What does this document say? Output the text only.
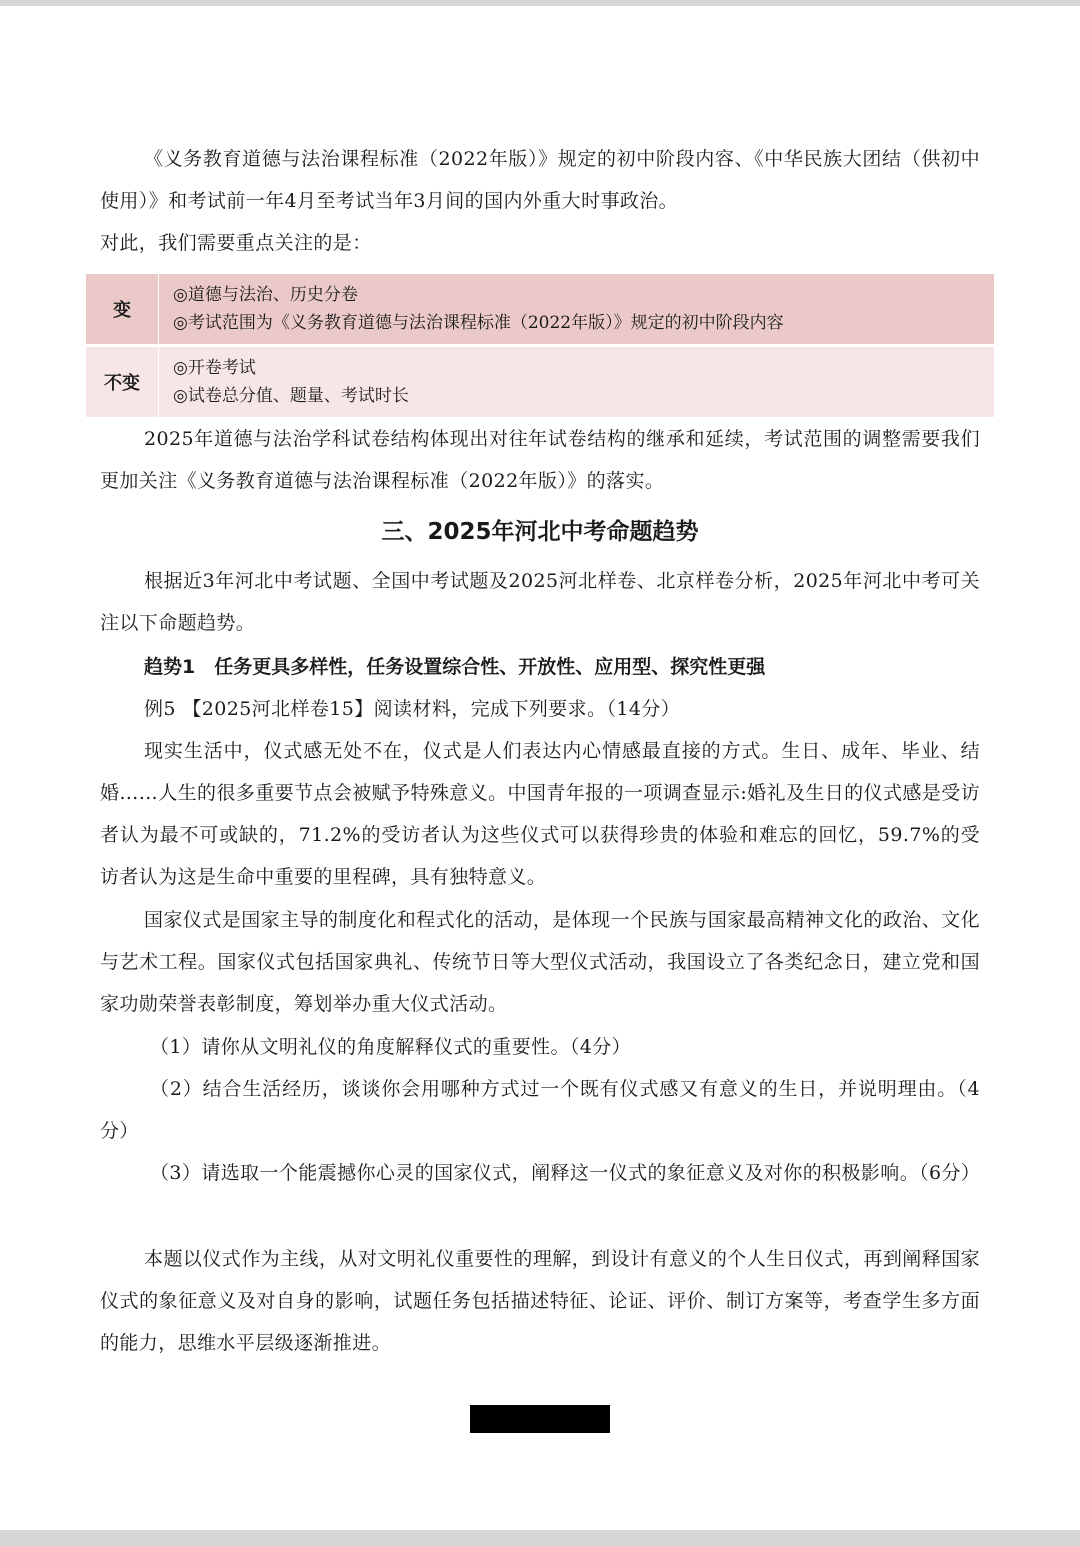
《义务教育道德与法治课程标准（2022年版）》规定的初中阶段内容、《中华民族大团结（供初中使用）》和考试前一年4月至考试当年3月间的国内外重大时事政治。

对此，我们需要重点关注的是：

变	◎道德与法治、历史分卷
◎考试范围为《义务教育道德与法治课程标准（2022年版）》规定的初中阶段内容

不变	◎开卷考试
◎试卷总分值、题量、考试时长

2025年道德与法治学科试卷结构体现出对往年试卷结构的继承和延续，考试范围的调整需要我们更加关注《义务教育道德与法治课程标准（2022年版）》的落实。

三、2025年河北中考命题趋势

根据近3年河北中考试题、全国中考试题及2025河北样卷、北京样卷分析，2025年河北中考可关注以下命题趋势。

趋势1　任务更具多样性，任务设置综合性、开放性、应用型、探究性更强

例5 【2025河北样卷15】阅读材料，完成下列要求。（14分）

现实生活中，仪式感无处不在，仪式是人们表达内心情感最直接的方式。生日、成年、毕业、结婚……人生的很多重要节点会被赋予特殊意义。中国青年报的一项调查显示:婚礼及生日的仪式感是受访者认为最不可或缺的，71.2%的受访者认为这些仪式可以获得珍贵的体验和难忘的回忆，59.7%的受访者认为这是生命中重要的里程碑，具有独特意义。

国家仪式是国家主导的制度化和程式化的活动，是体现一个民族与国家最高精神文化的政治、文化与艺术工程。国家仪式包括国家典礼、传统节日等大型仪式活动，我国设立了各类纪念日，建立党和国家功勋荣誉表彰制度，筹划举办重大仪式活动。

（1）请你从文明礼仪的角度解释仪式的重要性。（4分）

（2）结合生活经历，谈谈你会用哪种方式过一个既有仪式感又有意义的生日，并说明理由。（4分）

（3）请选取一个能震撼你心灵的国家仪式，阐释这一仪式的象征意义及对你的积极影响。（6分）

本题以仪式作为主线，从对文明礼仪重要性的理解，到设计有意义的个人生日仪式，再到阐释国家仪式的象征意义及对自身的影响，试题任务包括描述特征、论证、评价、制订方案等，考查学生多方面的能力，思维水平层级逐渐推进。
